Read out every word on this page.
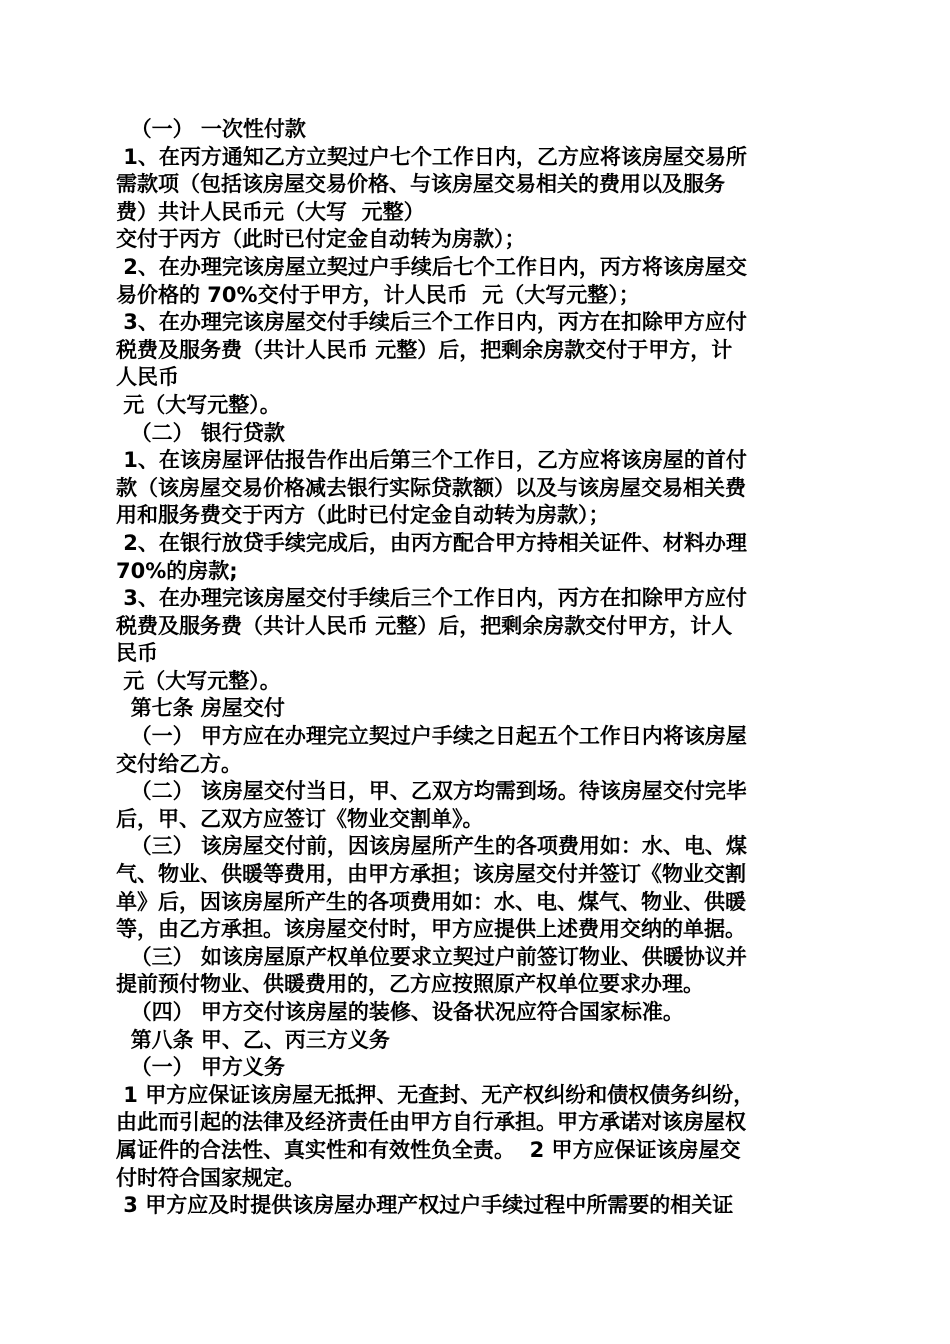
（一） 一次性付款
1、在丙方通知乙方立契过户七个工作日内，乙方应将该房屋交易所
需款项（包括该房屋交易价格、与该房屋交易相关的费用以及服务
费）共计人民币元（大写  元整）
交付于丙方（此时已付定金自动转为房款）；
2、在办理完该房屋立契过户手续后七个工作日内，丙方将该房屋交
易价格的 70%交付于甲方，计人民币  元（大写元整）；
3、在办理完该房屋交付手续后三个工作日内，丙方在扣除甲方应付
税费及服务费（共计人民币 元整）后，把剩余房款交付于甲方，计
人民币
元（大写元整）。
（二） 银行贷款
1、在该房屋评估报告作出后第三个工作日，乙方应将该房屋的首付
款（该房屋交易价格减去银行实际贷款额）以及与该房屋交易相关费
用和服务费交于丙方（此时已付定金自动转为房款）；
2、在银行放贷手续完成后，由丙方配合甲方持相关证件、材料办理
70%的房款;
3、在办理完该房屋交付手续后三个工作日内，丙方在扣除甲方应付
税费及服务费（共计人民币 元整）后，把剩余房款交付甲方，计人
民币
元（大写元整）。
第七条 房屋交付
（一） 甲方应在办理完立契过户手续之日起五个工作日内将该房屋
交付给乙方。
（二） 该房屋交付当日，甲、乙双方均需到场。待该房屋交付完毕
后，甲、乙双方应签订《物业交割单》。
（三） 该房屋交付前，因该房屋所产生的各项费用如：水、电、煤
气、物业、供暖等费用，由甲方承担；该房屋交付并签订《物业交割
单》后，因该房屋所产生的各项费用如：水、电、煤气、物业、供暖
等，由乙方承担。该房屋交付时，甲方应提供上述费用交纳的单据。
（三） 如该房屋原产权单位要求立契过户前签订物业、供暖协议并
提前预付物业、供暖费用的，乙方应按照原产权单位要求办理。
（四） 甲方交付该房屋的装修、设备状况应符合国家标准。
第八条 甲、乙、丙三方义务
（一） 甲方义务
1 甲方应保证该房屋无抵押、无查封、无产权纠纷和债权债务纠纷，
由此而引起的法律及经济责任由甲方自行承担。甲方承诺对该房屋权
属证件的合法性、真实性和有效性负全责。  2 甲方应保证该房屋交
付时符合国家规定。
3 甲方应及时提供该房屋办理产权过户手续过程中所需要的相关证
